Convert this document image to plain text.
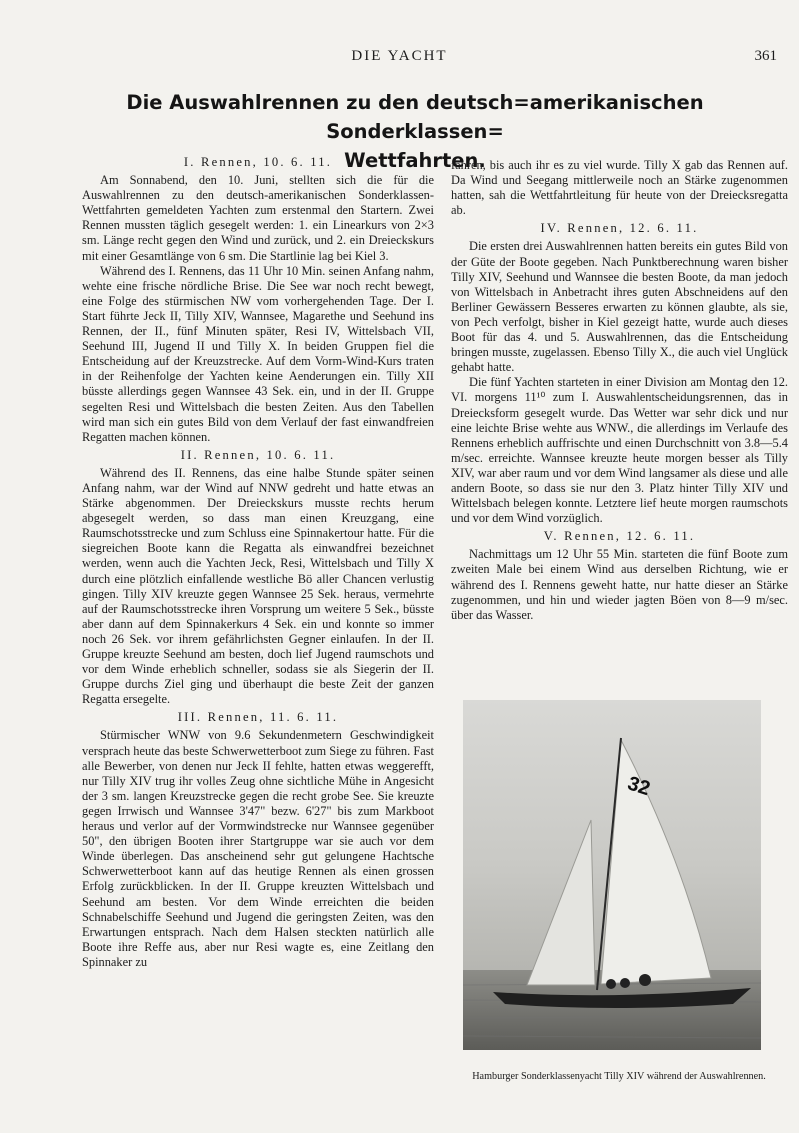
DIE YACHT	361
Die Auswahlrennen zu den deutsch=amerikanischen Sonderklassen=
Wettfahrten.
I. Rennen, 10. 6. 11.

Am Sonnabend, den 10. Juni, stellten sich die für die Auswahlrennen zu den deutsch-amerikanischen Sonderklassen-Wettfahrten gemeldeten Yachten zum erstenmal den Startern. Zwei Rennen mussten täglich gesegelt werden: 1. ein Linearkurs von 2×3 sm. Länge recht gegen den Wind und zurück, und 2. ein Dreieckskurs mit einer Gesamtlänge von 6 sm. Die Startlinie lag bei Kiel 3.

Während des I. Rennens, das 11 Uhr 10 Min. seinen Anfang nahm, wehte eine frische nördliche Brise. Die See war noch recht bewegt, eine Folge des stürmischen NW vom vorhergehenden Tage. Der I. Start führte Jeck II, Tilly XIV, Wannsee, Magarethe und Seehund ins Rennen, der II., fünf Minuten später, Resi IV, Wittelsbach VII, Seehund III, Jugend II und Tilly X. In beiden Gruppen fiel die Entscheidung auf der Kreuzstrecke. Auf dem Vorm-Wind-Kurs traten in der Reihenfolge der Yachten keine Aenderungen ein. Tilly XII büsste allerdings gegen Wannsee 43 Sek. ein, und in der II. Gruppe segelten Resi und Wittelsbach die besten Zeiten. Aus den Tabellen wird man sich ein gutes Bild von dem Verlauf der fast einwandfreien Regatten machen können.

II. Rennen, 10. 6. 11.

Während des II. Rennens, das eine halbe Stunde später seinen Anfang nahm, war der Wind auf NNW gedreht und hatte etwas an Stärke abgenommen. Der Dreieckskurs musste rechts herum abgesegelt werden, so dass man einen Kreuzgang, eine Raumschotsstrecke und zum Schluss eine Spinnakertour hatte. Für die siegreichen Boote kann die Regatta als einwandfrei bezeichnet werden, wenn auch die Yachten Jeck, Resi, Wittelsbach und Tilly X durch eine plötzlich einfallende westliche Bö aller Chancen verlustig gingen. Tilly XIV kreuzte gegen Wannsee 25 Sek. heraus, vermehrte auf der Raumschotsstrecke ihren Vorsprung um weitere 5 Sek., büsste aber dann auf dem Spinnakerkurs 4 Sek. ein und konnte so immer noch 26 Sek. vor ihrem gefährlichsten Gegner einlaufen. In der II. Gruppe kreuzte Seehund am besten, doch lief Jugend raumschots und vor dem Winde erheblich schneller, sodass sie als Siegerin der II. Gruppe durchs Ziel ging und überhaupt die beste Zeit der ganzen Regatta ersegelte.

III. Rennen, 11. 6. 11.

Stürmischer WNW von 9.6 Sekundenmetern Geschwindigkeit versprach heute das beste Schwerwetterboot zum Siege zu führen. Fast alle Bewerber, von denen nur Jeck II fehlte, hatten etwas weggerefft, nur Tilly XIV trug ihr volles Zeug ohne sichtliche Mühe in Angesicht der 3 sm. langen Kreuzstrecke gegen die recht grobe See. Sie kreuzte gegen Irrwisch und Wannsee 3'47" bezw. 6'27" bis zum Markboot heraus und verlor auf der Vormwindstrecke nur Wannsee gegenüber 50", den übrigen Booten ihrer Startgruppe war sie auch vor dem Winde überlegen. Das anscheinend sehr gut gelungene Hachtsche Schwerwetterboot kann auf das heutige Rennen als einen grossen Erfolg zurückblicken. In der II. Gruppe kreuzten Wittelsbach und Seehund am besten. Vor dem Winde erreichten die beiden Schnabelschiffe Seehund und Jugend die geringsten Zeiten, was den Erwartungen entsprach. Nach dem Halsen steckten natürlich alle Boote ihre Reffe aus, aber nur Resi wagte es, eine Zeitlang den Spinnaker zu

fahren, bis auch ihr es zu viel wurde. Tilly X gab das Rennen auf. Da Wind und Seegang mittlerweile noch an Stärke zugenommen hatten, sah die Wettfahrtleitung für heute von der Dreiecksregatta ab.

IV. Rennen, 12. 6. 11.

Die ersten drei Auswahlrennen hatten bereits ein gutes Bild von der Güte der Boote gegeben. Nach Punktberechnung waren bisher Tilly XIV, Seehund und Wannsee die besten Boote, da man jedoch von Wittelsbach in Anbetracht ihres guten Abschneidens auf den Berliner Gewässern Besseres erwarten zu können glaubte, als sie, von Pech verfolgt, bisher in Kiel gezeigt hatte, wurde auch dieses Boot für das 4. und 5. Auswahlrennen, das die Entscheidung bringen musste, zugelassen. Ebenso Tilly X., die auch viel Unglück gehabt hatte.

Die fünf Yachten starteten in einer Division am Montag den 12. VI. morgens 11¹⁰ zum I. Auswahlentscheidungsrennen, das in Dreiecksform gesegelt wurde. Das Wetter war sehr dick und nur eine leichte Brise wehte aus WNW., die allerdings im Verlaufe des Rennens erheblich auffrischte und einen Durchschnitt von 3.8—5.4 m/sec. erreichte. Wannsee kreuzte heute morgen besser als Tilly XIV, war aber raum und vor dem Wind langsamer als diese und alle andern Boote, so dass sie nur den 3. Platz hinter Tilly XIV und Wittelsbach belegen konnte. Letztere lief heute morgen raumschots und vor dem Wind vorzüglich.

V. Rennen, 12. 6. 11.

Nachmittags um 12 Uhr 55 Min. starteten die fünf Boote zum zweiten Male bei einem Wind aus derselben Richtung, wie er während des I. Rennens geweht hatte, nur hatte dieser an Stärke zugenommen, und hin und wieder jagten Böen von 8—9 m/sec. über das Wasser.

32
Hamburger Sonderklassenyacht Tilly XIV während der Auswahlrennen.
